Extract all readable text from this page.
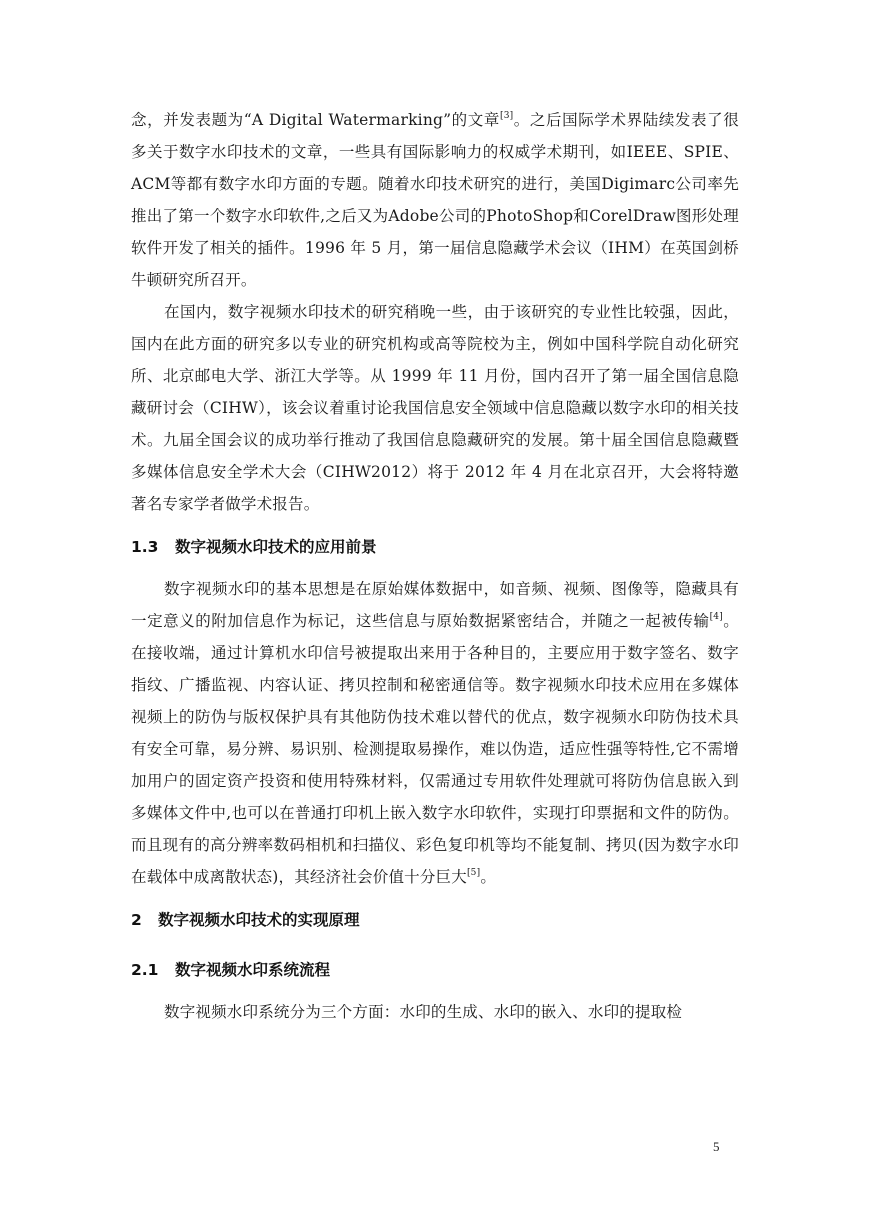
念，并发表题为“A Digital Watermarking”的文章[3]。之后国际学术界陆续发表了很多关于数字水印技术的文章，一些具有国际影响力的权威学术期刊，如IEEE、SPIE、ACM等都有数字水印方面的专题。随着水印技术研究的进行，美国Digimarc公司率先推出了第一个数字水印软件,之后又为Adobe公司的PhotoShop和CorelDraw图形处理软件开发了相关的插件。1996 年 5 月，第一届信息隐藏学术会议（IHM）在英国剑桥牛顿研究所召开。

在国内，数字视频水印技术的研究稍晚一些，由于该研究的专业性比较强，因此，国内在此方面的研究多以专业的研究机构或高等院校为主，例如中国科学院自动化研究所、北京邮电大学、浙江大学等。从 1999 年 11 月份，国内召开了第一届全国信息隐藏研讨会（CIHW），该会议着重讨论我国信息安全领域中信息隐藏以数字水印的相关技术。九届全国会议的成功举行推动了我国信息隐藏研究的发展。第十届全国信息隐藏暨多媒体信息安全学术大会（CIHW2012）将于 2012 年 4 月在北京召开，大会将特邀著名专家学者做学术报告。

1.3 数字视频水印技术的应用前景

数字视频水印的基本思想是在原始媒体数据中，如音频、视频、图像等，隐藏具有一定意义的附加信息作为标记，这些信息与原始数据紧密结合，并随之一起被传输[4]。在接收端，通过计算机水印信号被提取出来用于各种目的，主要应用于数字签名、数字指纹、广播监视、内容认证、拷贝控制和秘密通信等。数字视频水印技术应用在多媒体视频上的防伪与版权保护具有其他防伪技术难以替代的优点，数字视频水印防伪技术具有安全可靠，易分辨、易识别、检测提取易操作，难以伪造，适应性强等特性,它不需增加用户的固定资产投资和使用特殊材料，仅需通过专用软件处理就可将防伪信息嵌入到多媒体文件中,也可以在普通打印机上嵌入数字水印软件，实现打印票据和文件的防伪。而且现有的高分辨率数码相机和扫描仪、彩色复印机等均不能复制、拷贝(因为数字水印在载体中成离散状态)，其经济社会价值十分巨大[5]。

2 数字视频水印技术的实现原理
2.1 数字视频水印系统流程

数字视频水印系统分为三个方面：水印的生成、水印的嵌入、水印的提取检

5
